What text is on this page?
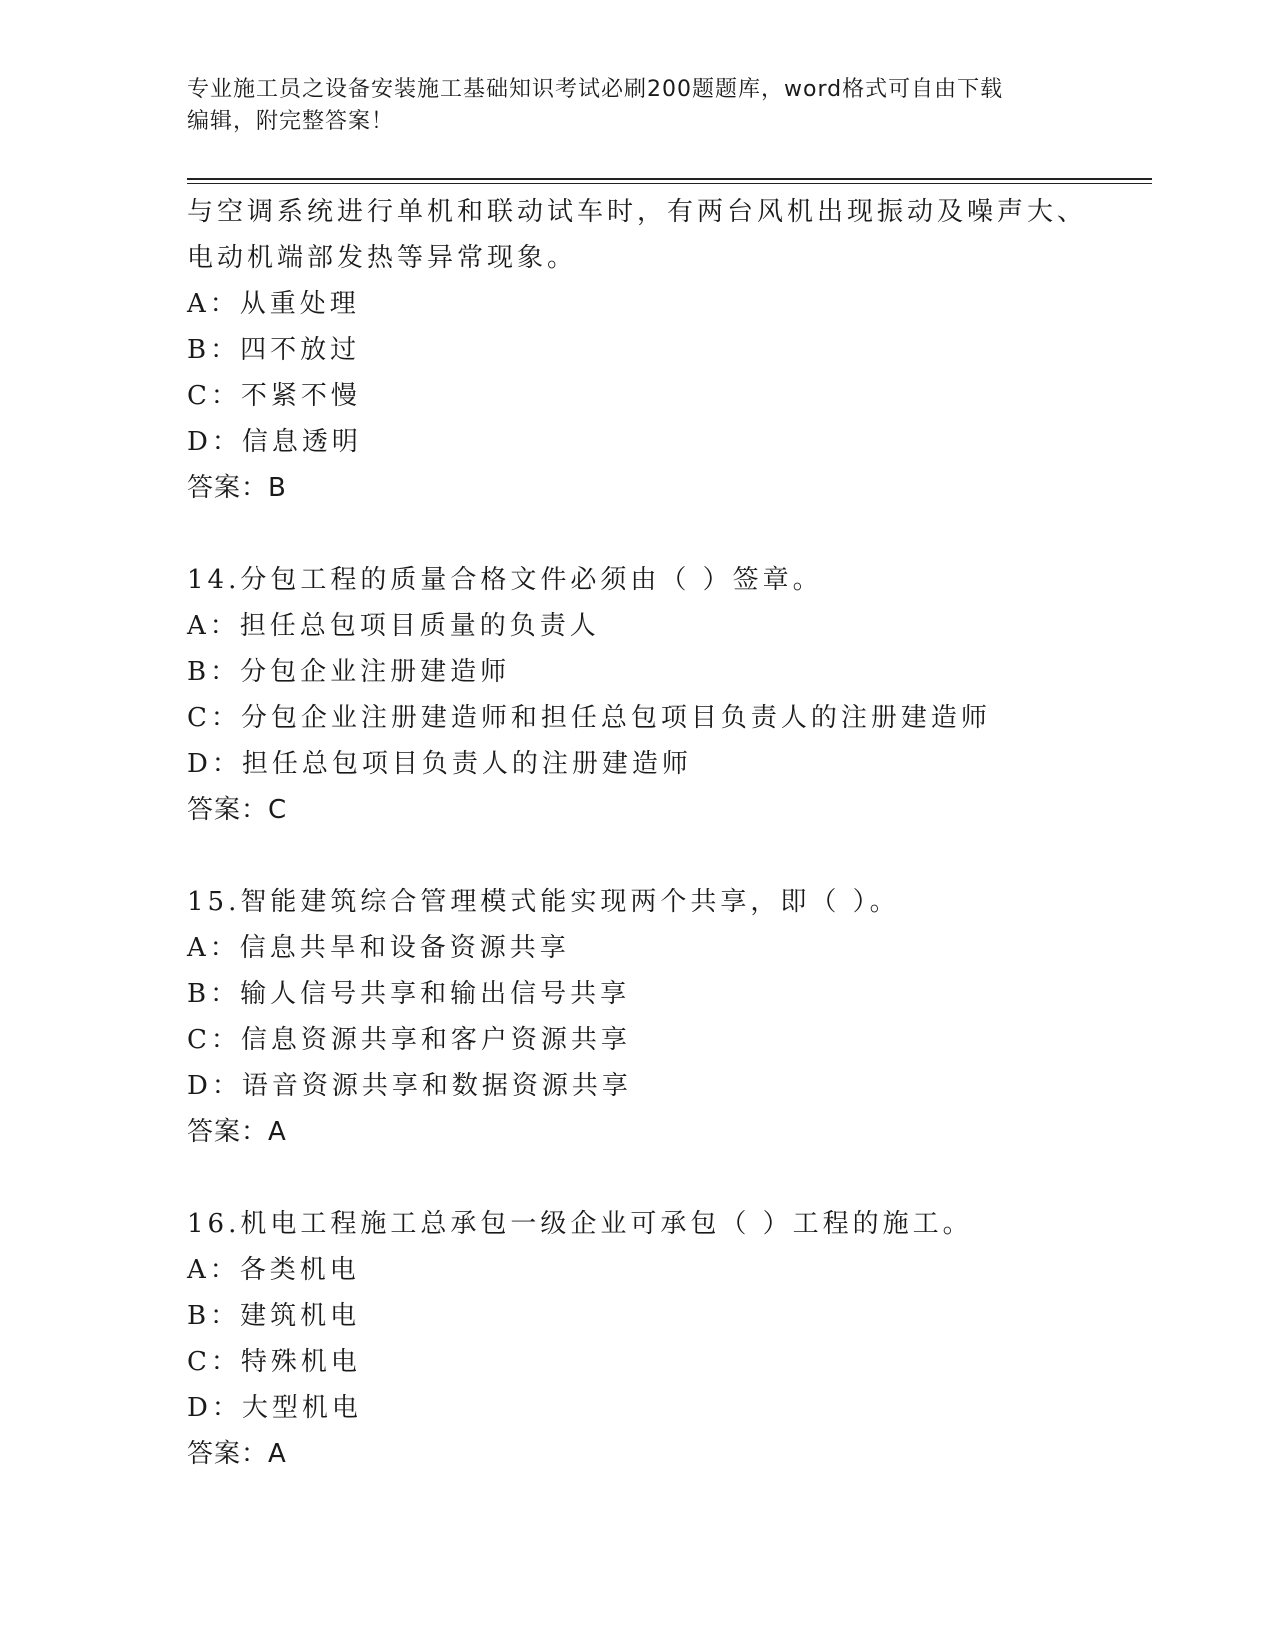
专业施工员之设备安装施工基础知识考试必刷200题题库，word格式可自由下载
编辑，附完整答案！
与空调系统进行单机和联动试车时，有两台风机出现振动及噪声大、
电动机端部发热等异常现象。
A：从重处理
B：四不放过
C：不紧不慢
D：信息透明
答案：B
14.分包工程的质量合格文件必须由（ ）签章。
A：担任总包项目质量的负责人
B：分包企业注册建造师
C：分包企业注册建造师和担任总包项目负责人的注册建造师
D：担任总包项目负责人的注册建造师
答案：C
15.智能建筑综合管理模式能实现两个共享，即（ ）。
A：信息共旱和设备资源共享
B：输人信号共享和输出信号共享
C：信息资源共享和客户资源共享
D：语音资源共享和数据资源共享
答案：A
16.机电工程施工总承包一级企业可承包（ ）工程的施工。
A：各类机电
B：建筑机电
C：特殊机电
D：大型机电
答案：A
